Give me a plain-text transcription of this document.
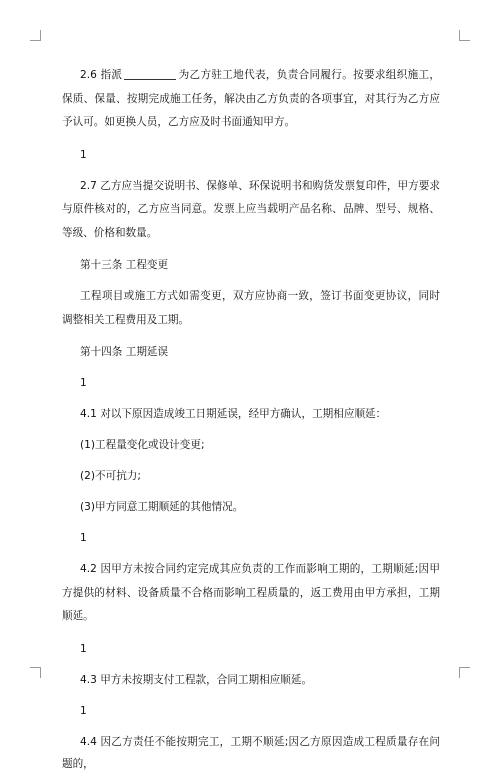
2.6 指派	为乙方驻工地代表，负责合同履行。按要求组织施工，保质、保量、按期完成施工任务，解决由乙方负责的各项事宜，对其行为乙方应予认可。如更换人员，乙方应及时书面通知甲方。

1

2.7 乙方应当提交说明书、保修单、环保说明书和购货发票复印件，甲方要求与原件核对的，乙方应当同意。发票上应当载明产品名称、品牌、型号、规格、等级、价格和数量。

第十三条 工程变更

工程项目或施工方式如需变更，双方应协商一致，签订书面变更协议，同时调整相关工程费用及工期。

第十四条 工期延误

1

4.1 对以下原因造成竣工日期延误，经甲方确认，工期相应顺延：

(1)工程量变化或设计变更;

(2)不可抗力;

(3)甲方同意工期顺延的其他情况。

1

4.2 因甲方未按合同约定完成其应负责的工作而影响工期的，工期顺延;因甲方提供的材料、设备质量不合格而影响工程质量的，返工费用由甲方承担，工期顺延。

1

4.3 甲方未按期支付工程款，合同工期相应顺延。

1

4.4 因乙方责任不能按期完工，工期不顺延;因乙方原因造成工程质量存在问题的，
